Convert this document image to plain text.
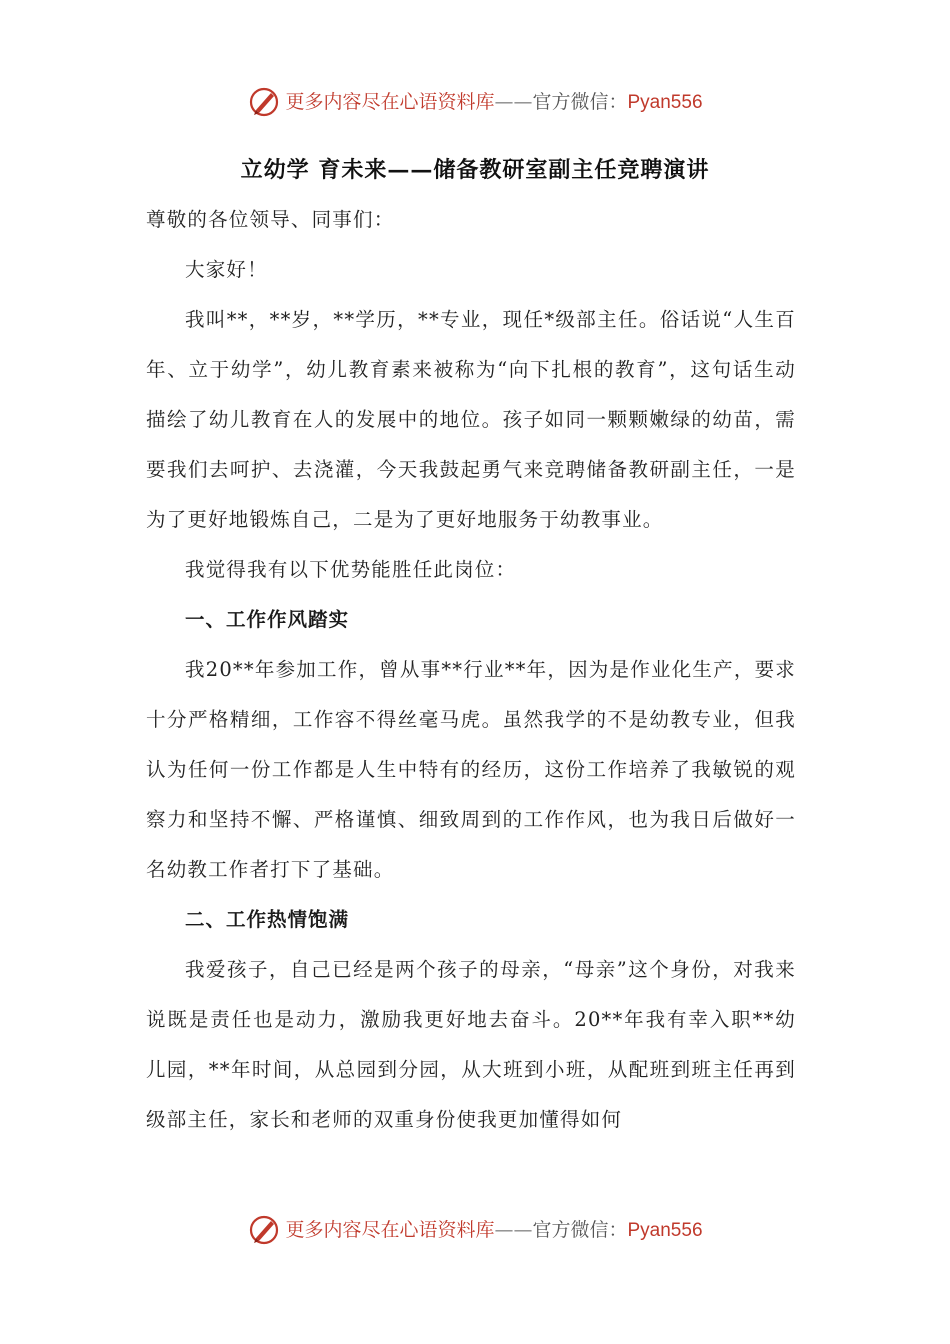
更多内容尽在心语资料库——官方微信：Pyan556
立幼学 育未来——储备教研室副主任竞聘演讲

尊敬的各位领导、同事们：

大家好！

我叫**，**岁，**学历，**专业，现任*级部主任。俗话说“人生百年、立于幼学”，幼儿教育素来被称为“向下扎根的教育”，这句话生动描绘了幼儿教育在人的发展中的地位。孩子如同一颗颗嫩绿的幼苗，需要我们去呵护、去浇灌，今天我鼓起勇气来竞聘储备教研副主任，一是为了更好地锻炼自己，二是为了更好地服务于幼教事业。

我觉得我有以下优势能胜任此岗位：

一、工作作风踏实

我20**年参加工作，曾从事**行业**年，因为是作业化生产，要求十分严格精细，工作容不得丝毫马虎。虽然我学的不是幼教专业，但我认为任何一份工作都是人生中特有的经历，这份工作培养了我敏锐的观察力和坚持不懈、严格谨慎、细致周到的工作作风，也为我日后做好一名幼教工作者打下了基础。

二、工作热情饱满

我爱孩子，自己已经是两个孩子的母亲，“母亲”这个身份，对我来说既是责任也是动力，激励我更好地去奋斗。20**年我有幸入职**幼儿园，**年时间，从总园到分园，从大班到小班，从配班到班主任再到级部主任，家长和老师的双重身份使我更加懂得如何

更多内容尽在心语资料库——官方微信：Pyan556
